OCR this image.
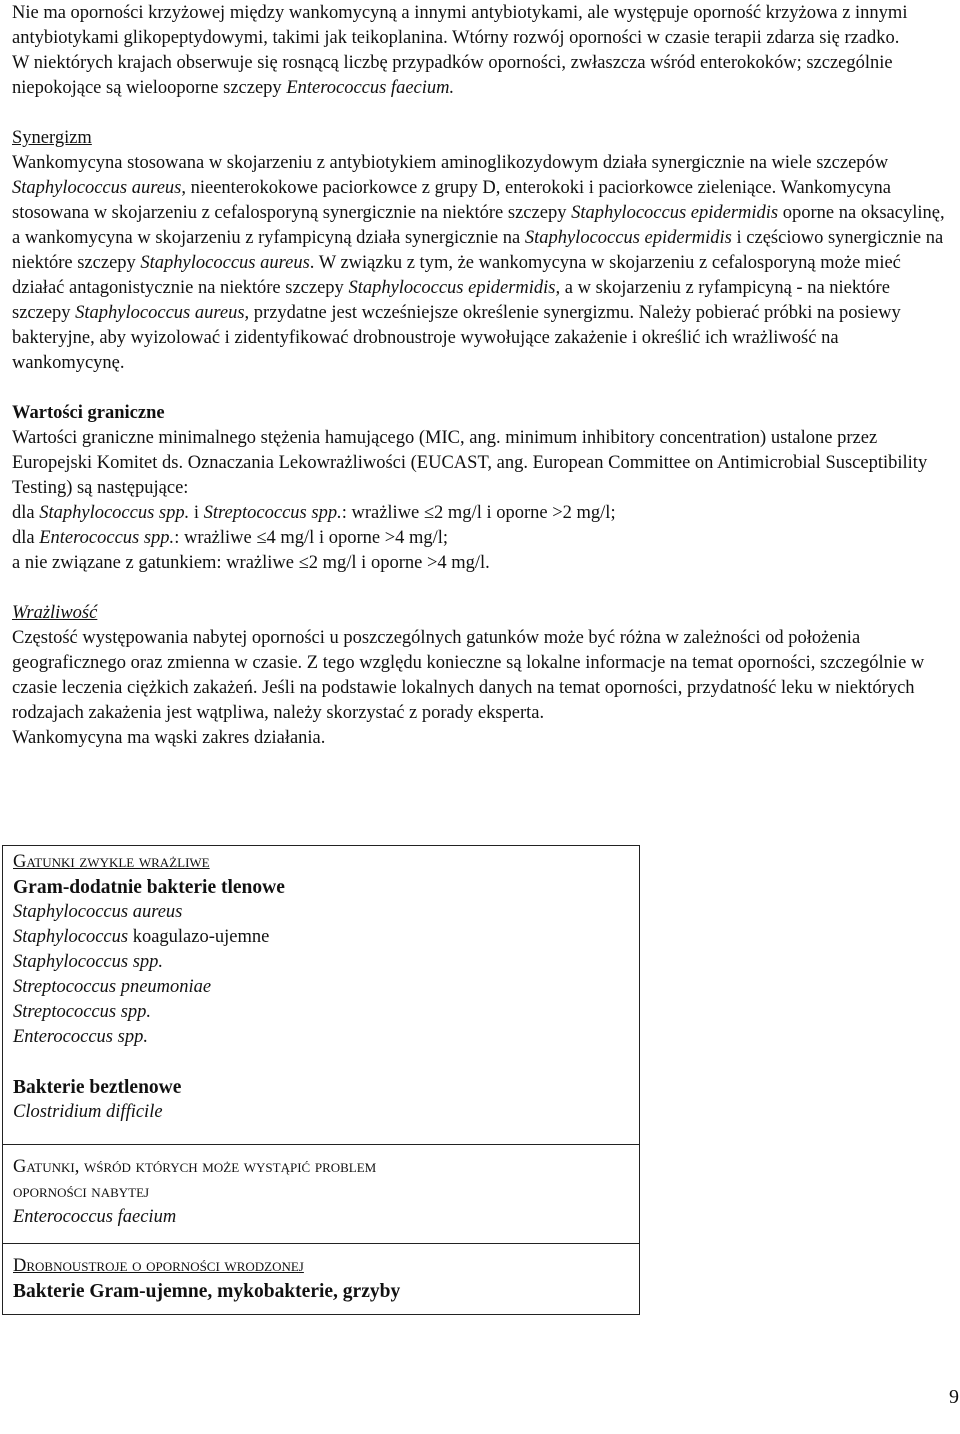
Nie ma oporności krzyżowej między wankomycyną a innymi antybiotykami, ale występuje oporność krzyżowa z innymi antybiotykami glikopeptydowymi, takimi jak teikoplanina. Wtórny rozwój oporności w czasie terapii zdarza się rzadko.
W niektórych krajach obserwuje się rosnącą liczbę przypadków oporności, zwłaszcza wśród enterokoków; szczególnie niepokojące są wielooporne szczepy Enterococcus faecium.
Synergizm
Wankomycyna stosowana w skojarzeniu z antybiotykiem aminoglikozydowym działa synergicznie na wiele szczepów Staphylococcus aureus, nieenterokokowe paciorkowce z grupy D, enterokoki i paciorkowce zieleniące. Wankomycyna stosowana w skojarzeniu z cefalosporyną synergicznie na niektóre szczepy Staphylococcus epidermidis oporne na oksacylinę, a wankomycyna w skojarzeniu z ryfampicyną działa synergicznie na Staphylococcus epidermidis i częściowo synergicznie na niektóre szczepy Staphylococcus aureus. W związku z tym, że wankomycyna w skojarzeniu z cefalosporyną może mieć działać antagonistycznie na niektóre szczepy Staphylococcus epidermidis, a w skojarzeniu z ryfampicyną - na niektóre szczepy Staphylococcus aureus, przydatne jest wcześniejsze określenie synergizmu. Należy pobierać próbki na posiewy bakteryjne, aby wyizolować i zidentyfikować drobnoustroje wywołujące zakażenie i określić ich wrażliwość na wankomycynę.
Wartości graniczne
Wartości graniczne minimalnego stężenia hamującego (MIC, ang. minimum inhibitory concentration) ustalone przez Europejski Komitet ds. Oznaczania Lekowrażliwości (EUCAST, ang. European Committee on Antimicrobial Susceptibility Testing) są następujące:
dla Staphylococcus spp. i Streptococcus spp.: wrażliwe ≤2 mg/l i oporne >2 mg/l;
dla Enterococcus spp.: wrażliwe ≤4 mg/l i oporne >4 mg/l;
a nie związane z gatunkiem: wrażliwe ≤2 mg/l i oporne >4 mg/l.
Wrażliwość
Częstość występowania nabytej oporności u poszczególnych gatunków może być różna w zależności od położenia geograficznego oraz zmienna w czasie. Z tego względu konieczne są lokalne informacje na temat oporności, szczególnie w czasie leczenia ciężkich zakażeń. Jeśli na podstawie lokalnych danych na temat oporności, przydatność leku w niektórych rodzajach zakażenia jest wątpliwa, należy skorzystać z porady eksperta.
Wankomycyna ma wąski zakres działania.
Gatunki zwykle wrażliwe
Gram-dodatnie bakterie tlenowe
Staphylococcus aureus
Staphylococcus koagulazo-ujemne
Staphylococcus spp.
Streptococcus pneumoniae
Streptococcus spp.
Enterococcus spp.
Bakterie beztlenowe
Clostridium difficile

Gatunki, wśród których może wystąpić problem
oporności nabytej
Enterococcus faecium

Drobnoustroje o oporności wrodzonej
Bakterie Gram-ujemne, mykobakterie, grzyby
9
